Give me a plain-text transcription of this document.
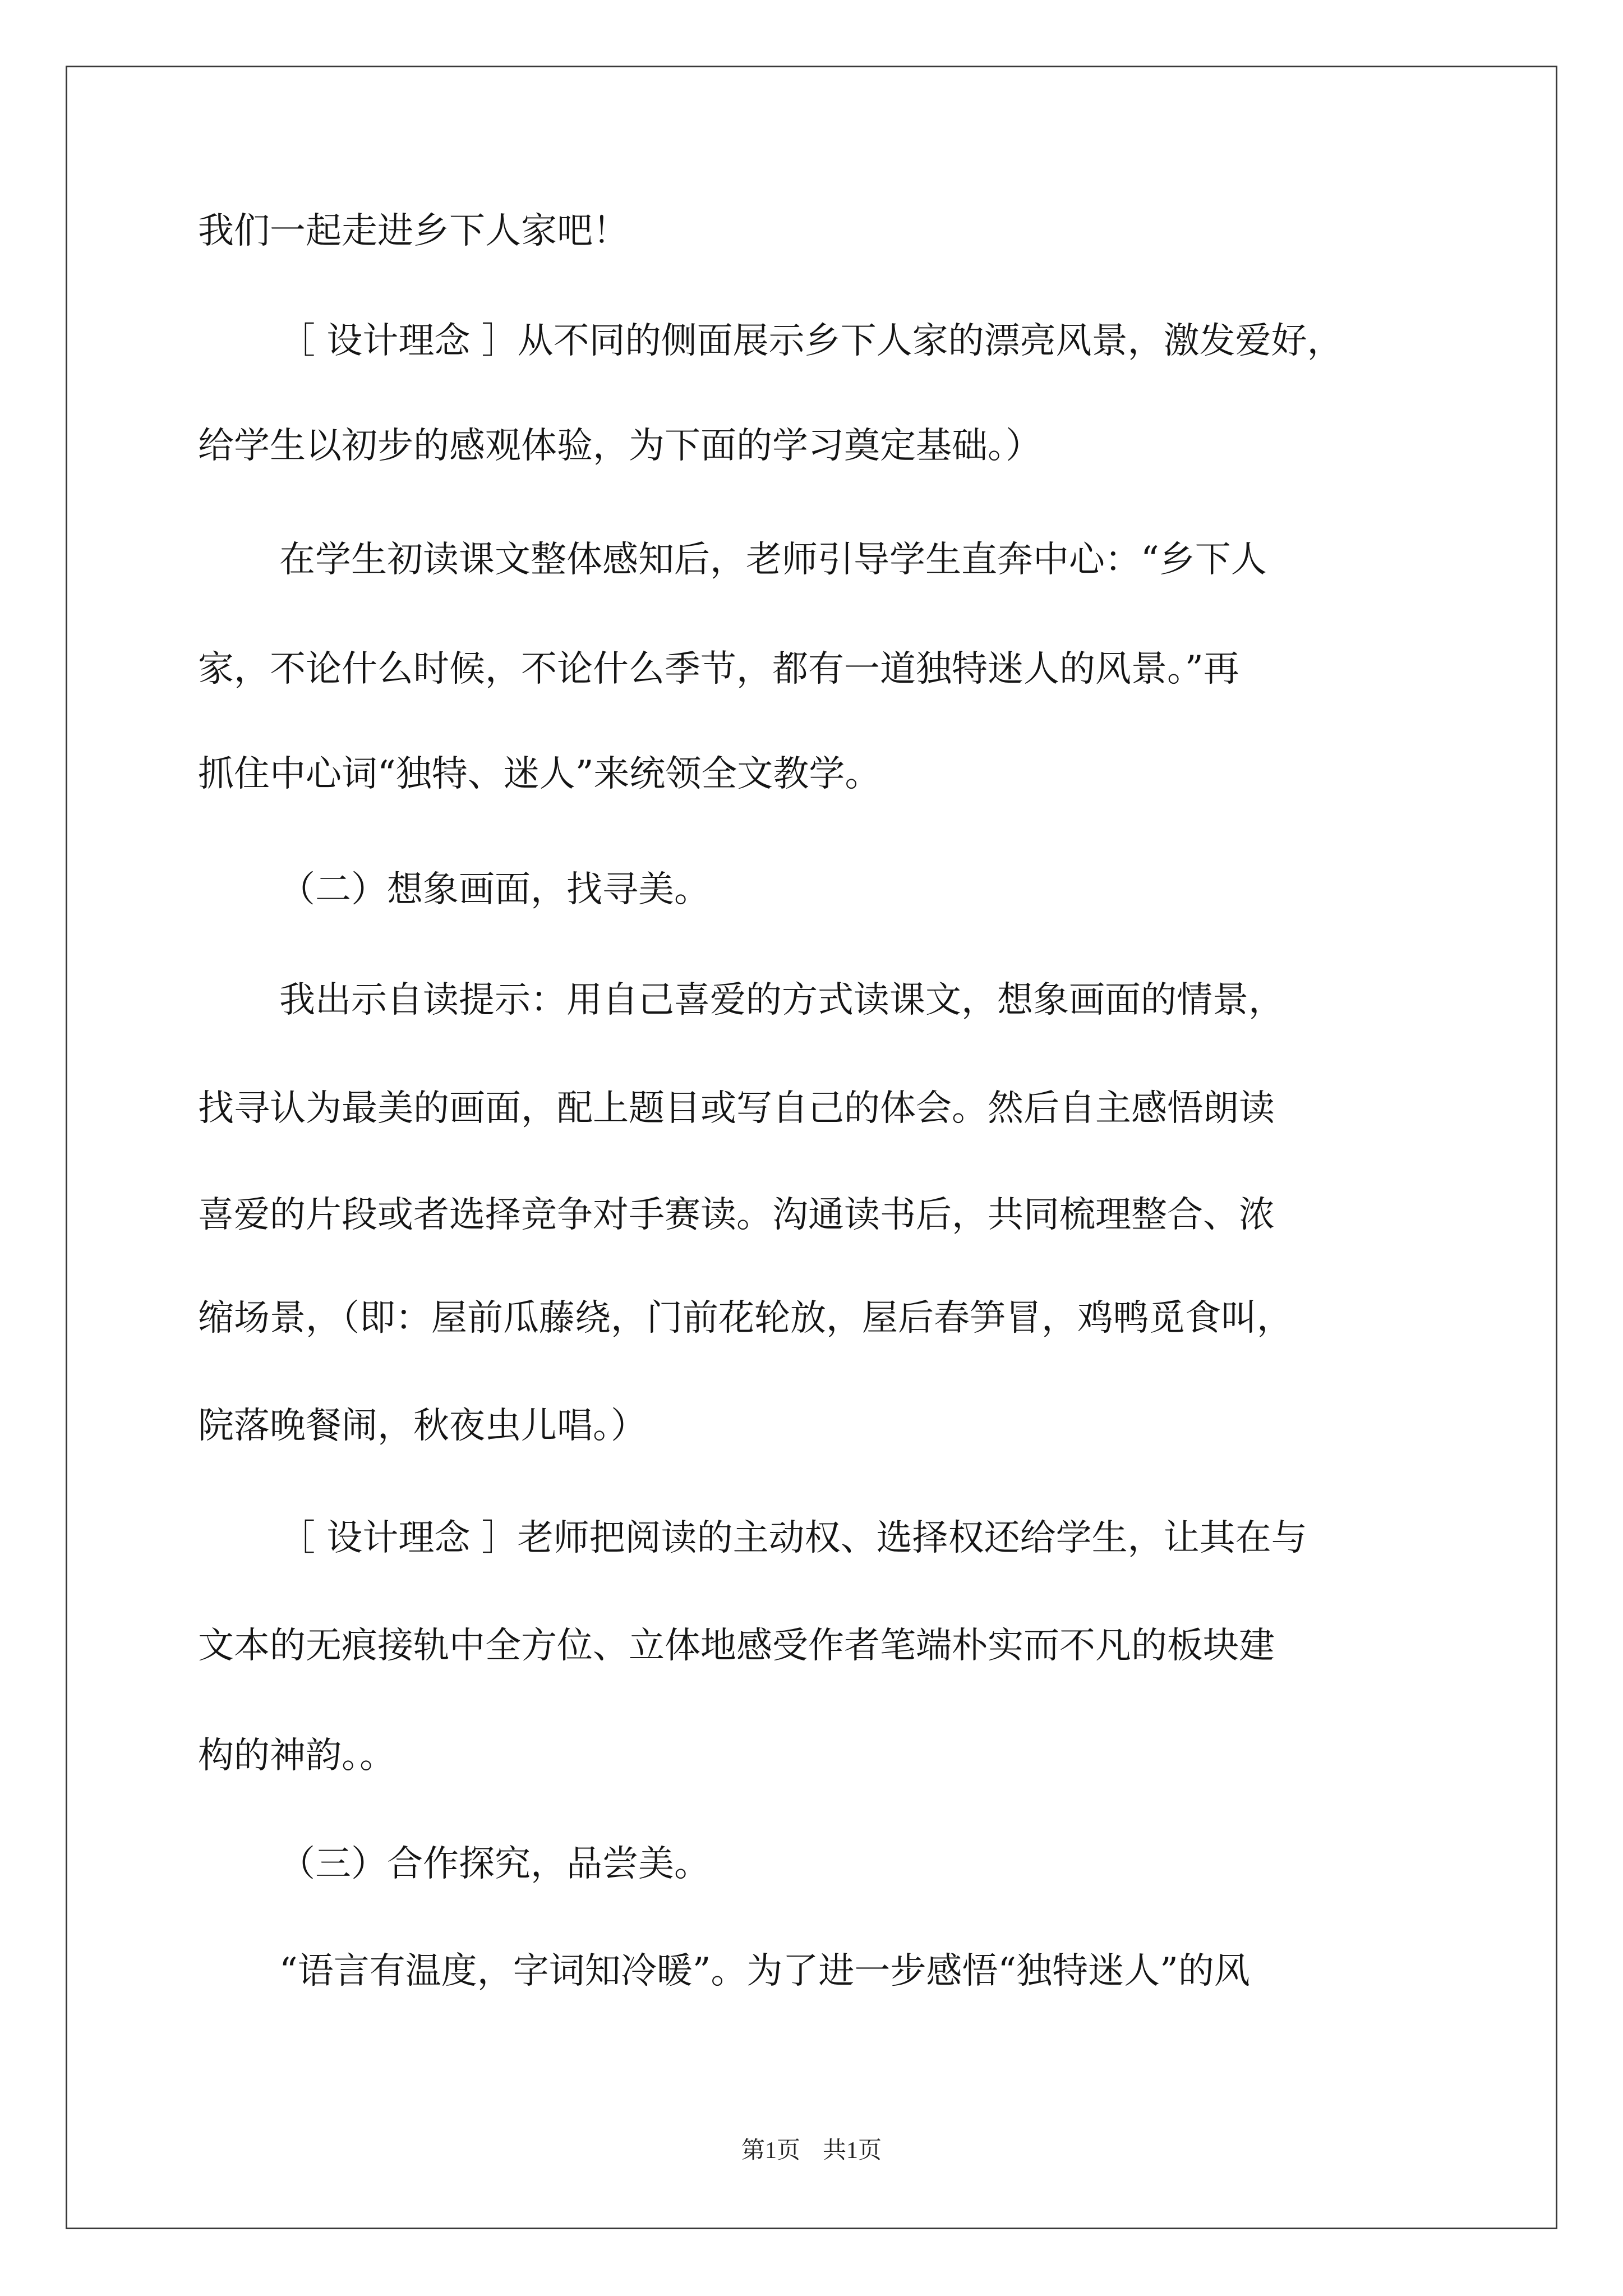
我们一起走进乡下人家吧！
［ 设计理念 ］从不同的侧面展示乡下人家的漂亮风景，激发爱好，
给学生以初步的感观体验，为下面的学习奠定基础。）
在学生初读课文整体感知后，老师引导学生直奔中心：“乡下人
家，不论什么时候，不论什么季节，都有一道独特迷人的风景。”再
抓住中心词“独特、迷人”来统领全文教学。
（二）想象画面，找寻美。
我出示自读提示：用自己喜爱的方式读课文，想象画面的情景，
找寻认为最美的画面，配上题目或写自己的体会。然后自主感悟朗读
喜爱的片段或者选择竞争对手赛读。沟通读书后，共同梳理整合、浓
缩场景，（即：屋前瓜藤绕，门前花轮放，屋后春笋冒，鸡鸭觅食叫，
院落晚餐闹，秋夜虫儿唱。）
［ 设计理念 ］老师把阅读的主动权、选择权还给学生，让其在与
文本的无痕接轨中全方位、立体地感受作者笔端朴实而不凡的板块建
构的神韵。。
（三）合作探究，品尝美。
“语言有温度，字词知冷暖”。为了进一步感悟“独特迷人”的风
第1页 共1页
